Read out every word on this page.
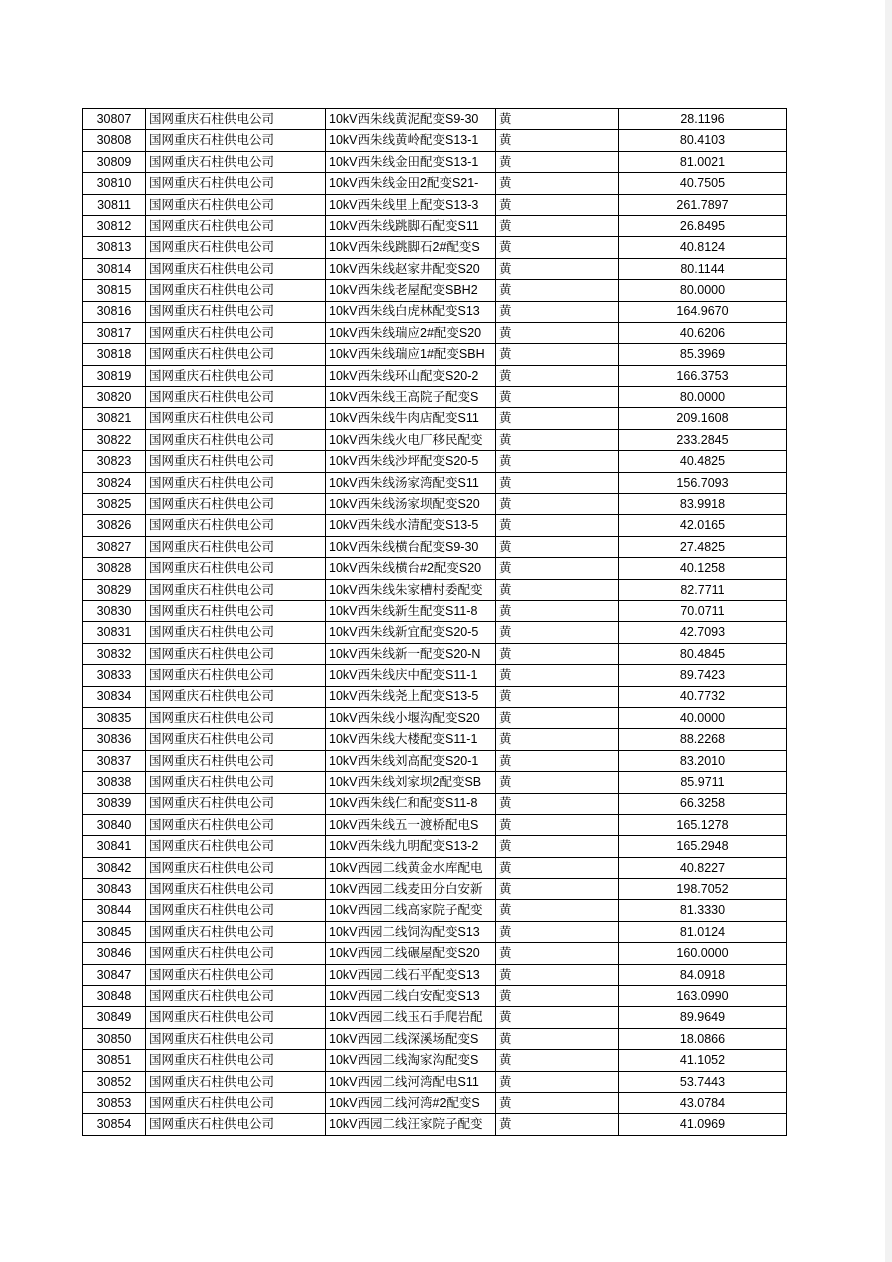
30807	国网重庆石柱供电公司	10kV西朱线黄泥配变S9-30	黄	28.1196
30808	国网重庆石柱供电公司	10kV西朱线黄岭配变S13-1	黄	80.4103
30809	国网重庆石柱供电公司	10kV西朱线金田配变S13-1	黄	81.0021
30810	国网重庆石柱供电公司	10kV西朱线金田2配变S21-	黄	40.7505
30811	国网重庆石柱供电公司	10kV西朱线里上配变S13-3	黄	261.7897
30812	国网重庆石柱供电公司	10kV西朱线跳脚石配变S11	黄	26.8495
30813	国网重庆石柱供电公司	10kV西朱线跳脚石2#配变S	黄	40.8124
30814	国网重庆石柱供电公司	10kV西朱线赵家井配变S20	黄	80.1144
30815	国网重庆石柱供电公司	10kV西朱线老屋配变SBH2	黄	80.0000
30816	国网重庆石柱供电公司	10kV西朱线白虎林配变S13	黄	164.9670
30817	国网重庆石柱供电公司	10kV西朱线瑞应2#配变S20	黄	40.6206
30818	国网重庆石柱供电公司	10kV西朱线瑞应1#配变SBH	黄	85.3969
30819	国网重庆石柱供电公司	10kV西朱线环山配变S20-2	黄	166.3753
30820	国网重庆石柱供电公司	10kV西朱线王高院子配变S	黄	80.0000
30821	国网重庆石柱供电公司	10kV西朱线牛肉店配变S11	黄	209.1608
30822	国网重庆石柱供电公司	10kV西朱线火电厂移民配变	黄	233.2845
30823	国网重庆石柱供电公司	10kV西朱线沙坪配变S20-5	黄	40.4825
30824	国网重庆石柱供电公司	10kV西朱线汤家湾配变S11	黄	156.7093
30825	国网重庆石柱供电公司	10kV西朱线汤家坝配变S20	黄	83.9918
30826	国网重庆石柱供电公司	10kV西朱线水清配变S13-5	黄	42.0165
30827	国网重庆石柱供电公司	10kV西朱线横台配变S9-30	黄	27.4825
30828	国网重庆石柱供电公司	10kV西朱线横台#2配变S20	黄	40.1258
30829	国网重庆石柱供电公司	10kV西朱线朱家槽村委配变	黄	82.7711
30830	国网重庆石柱供电公司	10kV西朱线新生配变S11-8	黄	70.0711
30831	国网重庆石柱供电公司	10kV西朱线新宜配变S20-5	黄	42.7093
30832	国网重庆石柱供电公司	10kV西朱线新一配变S20-N	黄	80.4845
30833	国网重庆石柱供电公司	10kV西朱线庆中配变S11-1	黄	89.7423
30834	国网重庆石柱供电公司	10kV西朱线尧上配变S13-5	黄	40.7732
30835	国网重庆石柱供电公司	10kV西朱线小堰沟配变S20	黄	40.0000
30836	国网重庆石柱供电公司	10kV西朱线大楼配变S11-1	黄	88.2268
30837	国网重庆石柱供电公司	10kV西朱线刘高配变S20-1	黄	83.2010
30838	国网重庆石柱供电公司	10kV西朱线刘家坝2配变SB	黄	85.9711
30839	国网重庆石柱供电公司	10kV西朱线仁和配变S11-8	黄	66.3258
30840	国网重庆石柱供电公司	10kV西朱线五一渡桥配电S	黄	165.1278
30841	国网重庆石柱供电公司	10kV西朱线九明配变S13-2	黄	165.2948
30842	国网重庆石柱供电公司	10kV西园二线黄金水库配电	黄	40.8227
30843	国网重庆石柱供电公司	10kV西园二线麦田分白安新	黄	198.7052
30844	国网重庆石柱供电公司	10kV西园二线高家院子配变	黄	81.3330
30845	国网重庆石柱供电公司	10kV西园二线饲沟配变S13	黄	81.0124
30846	国网重庆石柱供电公司	10kV西园二线碾屋配变S20	黄	160.0000
30847	国网重庆石柱供电公司	10kV西园二线石平配变S13	黄	84.0918
30848	国网重庆石柱供电公司	10kV西园二线白安配变S13	黄	163.0990
30849	国网重庆石柱供电公司	10kV西园二线玉石手爬岩配	黄	89.9649
30850	国网重庆石柱供电公司	10kV西园二线深溪场配变S	黄	18.0866
30851	国网重庆石柱供电公司	10kV西园二线淘家沟配变S	黄	41.1052
30852	国网重庆石柱供电公司	10kV西园二线河湾配电S11	黄	53.7443
30853	国网重庆石柱供电公司	10kV西园二线河湾#2配变S	黄	43.0784
30854	国网重庆石柱供电公司	10kV西园二线汪家院子配变	黄	41.0969
